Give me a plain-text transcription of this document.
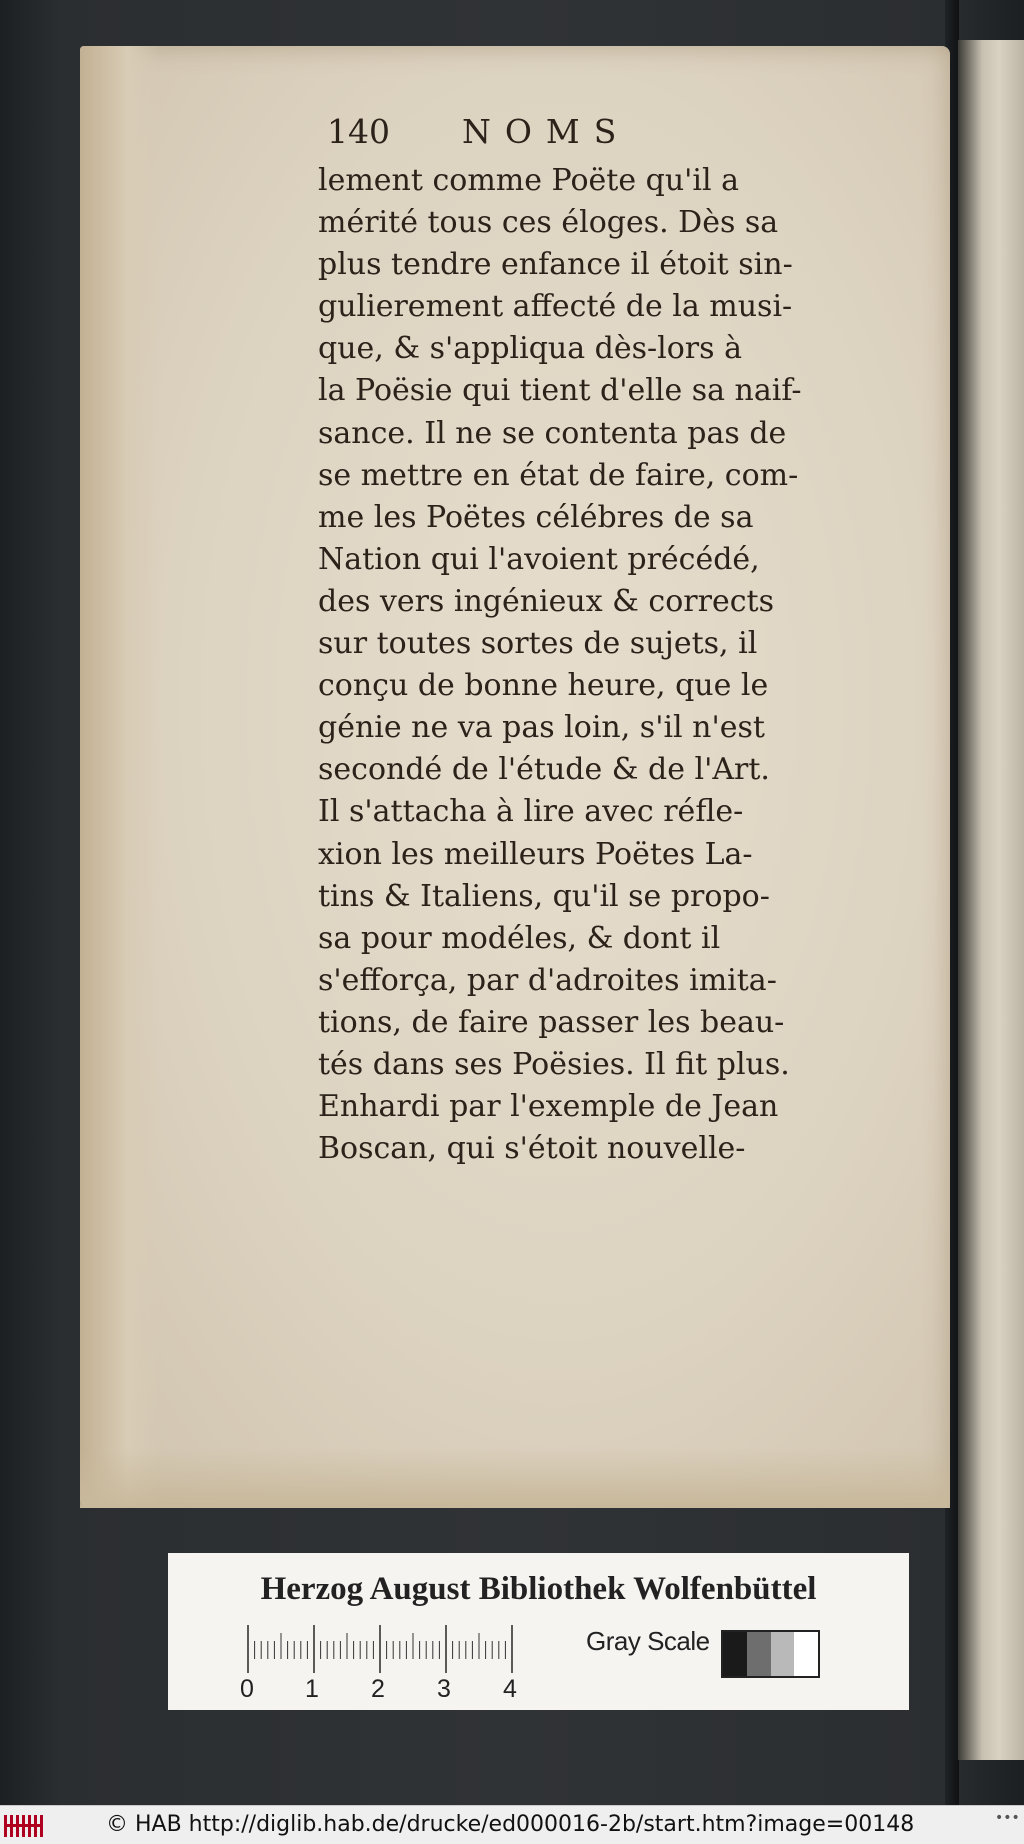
140 NOMS
lement comme Poëte qu'il a
mérité tous ces éloges. Dès sa
plus tendre enfance il étoit sin-
gulierement affecté de la musi-
que, & s'appliqua dès-lors à
la Poësie qui tient d'elle sa naif-
sance. Il ne se contenta pas de
se mettre en état de faire, com-
me les Poëtes célébres de sa
Nation qui l'avoient précédé,
des vers ingénieux & corrects
sur toutes sortes de sujets, il
conçu de bonne heure, que le
génie ne va pas loin, s'il n'est
secondé de l'étude & de l'Art.
Il s'attacha à lire avec réfle-
xion les meilleurs Poëtes La-
tins & Italiens, qu'il se propo-
sa pour modéles, & dont il
s'efforça, par d'adroites imita-
tions, de faire passer les beau-
tés dans ses Poësies. Il fit plus.
Enhardi par l'exemple de Jean
Boscan, qui s'étoit nouvelle-
Herzog August Bibliothek Wolfenbüttel
Gray Scale
0 1 2 3 4
© HAB http://diglib.hab.de/drucke/ed000016-2b/start.htm?image=00148	•••
